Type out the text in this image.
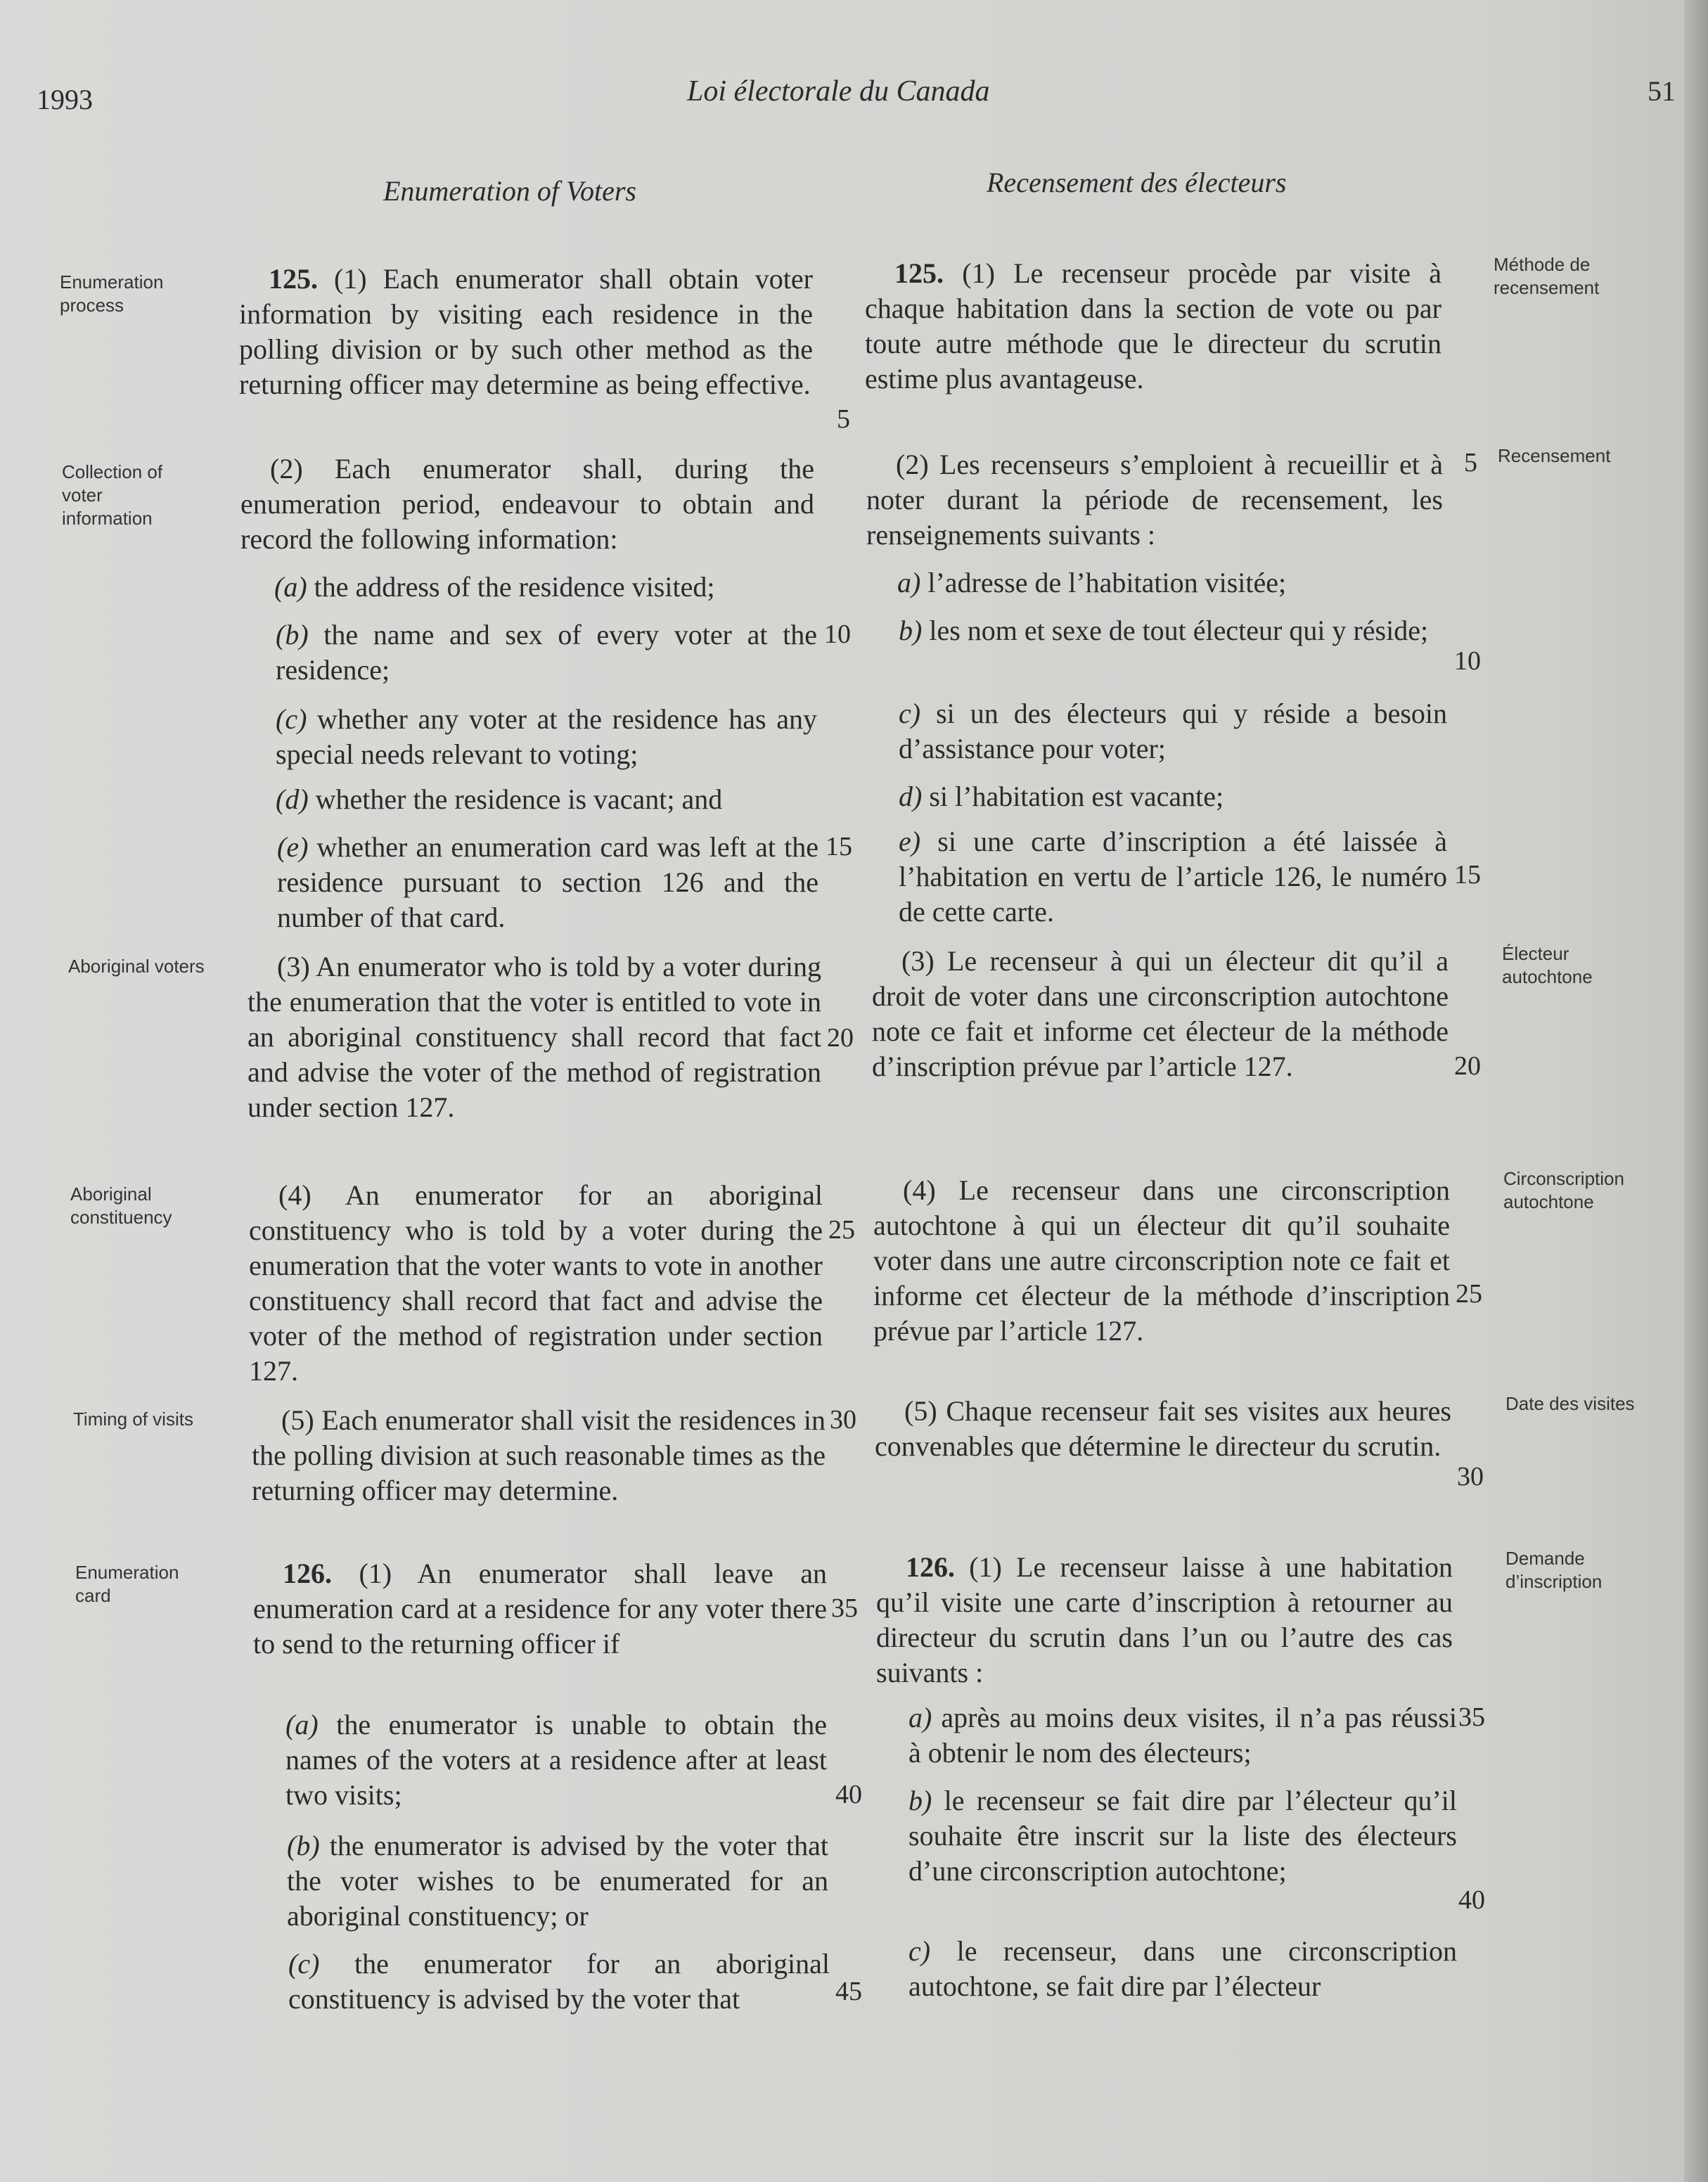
1993	Loi électorale du Canada	51
Enumeration of Voters	Recensement des électeurs
Enumeration process
Collection of voter information
Aboriginal voters
Aboriginal constituency
Timing of visits
Enumeration card
Méthode de recensement
Recensement
Électeur autochtone
Circonscription autochtone
Date des visites
Demande d’inscription
125. (1) Each enumerator shall obtain voter information by visiting each residence in the polling division or by such other method as the returning officer may determine as being effective.
(2) Each enumerator shall, during the enumeration period, endeavour to obtain and record the following information:
(a) the address of the residence visited;
(b) the name and sex of every voter at the residence;
(c) whether any voter at the residence has any special needs relevant to voting;
(d) whether the residence is vacant; and
(e) whether an enumeration card was left at the residence pursuant to section 126 and the number of that card.
(3) An enumerator who is told by a voter during the enumeration that the voter is entitled to vote in an aboriginal constituency shall record that fact and advise the voter of the method of registration under section 127.
(4) An enumerator for an aboriginal constituency who is told by a voter during the enumeration that the voter wants to vote in another constituency shall record that fact and advise the voter of the method of registration under section 127.
(5) Each enumerator shall visit the residences in the polling division at such reasonable times as the returning officer may determine.
126. (1) An enumerator shall leave an enumeration card at a residence for any voter there to send to the returning officer if
(a) the enumerator is unable to obtain the names of the voters at a residence after at least two visits;
(b) the enumerator is advised by the voter that the voter wishes to be enumerated for an aboriginal constituency; or
(c) the enumerator for an aboriginal constituency is advised by the voter that
5
10
15
20
25
30
35
40
45
125. (1) Le recenseur procède par visite à chaque habitation dans la section de vote ou par toute autre méthode que le directeur du scrutin estime plus avantageuse.
(2) Les recenseurs s’emploient à recueillir et à noter durant la période de recensement, les renseignements suivants :
a) l’adresse de l’habitation visitée;
b) les nom et sexe de tout électeur qui y réside;
c) si un des électeurs qui y réside a besoin d’assistance pour voter;
d) si l’habitation est vacante;
e) si une carte d’inscription a été laissée à l’habitation en vertu de l’article 126, le numéro de cette carte.
(3) Le recenseur à qui un électeur dit qu’il a droit de voter dans une circonscription autochtone note ce fait et informe cet électeur de la méthode d’inscription prévue par l’article 127.
(4) Le recenseur dans une circonscription autochtone à qui un électeur dit qu’il souhaite voter dans une autre circonscription note ce fait et informe cet électeur de la méthode d’inscription prévue par l’article 127.
(5) Chaque recenseur fait ses visites aux heures convenables que détermine le directeur du scrutin.
126. (1) Le recenseur laisse à une habitation qu’il visite une carte d’inscription à retourner au directeur du scrutin dans l’un ou l’autre des cas suivants :
a) après au moins deux visites, il n’a pas réussi à obtenir le nom des électeurs;
b) le recenseur se fait dire par l’électeur qu’il souhaite être inscrit sur la liste des électeurs d’une circonscription autochtone;
c) le recenseur, dans une circonscription autochtone, se fait dire par l’électeur
5
10
15
20
25
30
35
40
